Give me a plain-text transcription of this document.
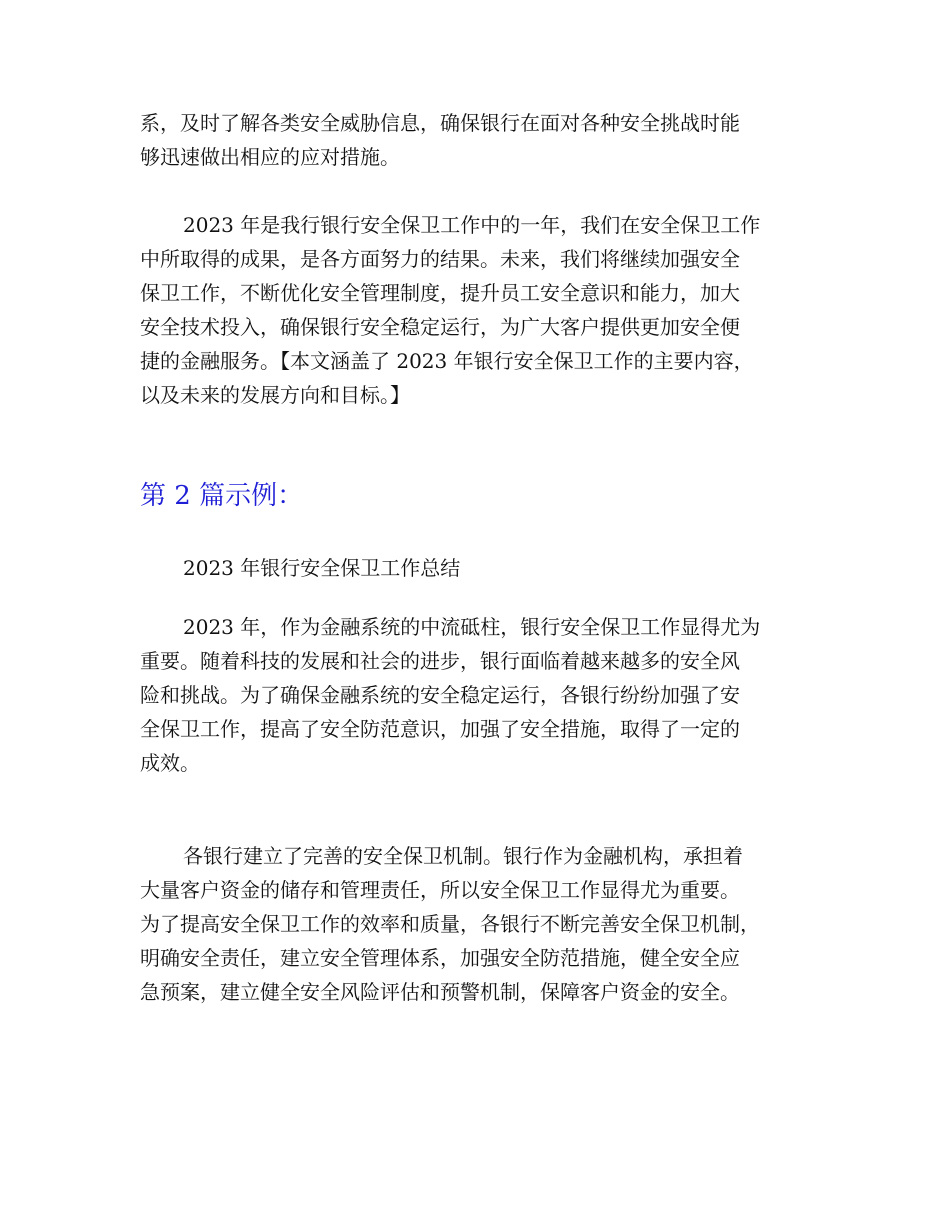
系，及时了解各类安全威胁信息，确保银行在面对各种安全挑战时能
够迅速做出相应的应对措施。
2023 年是我行银行安全保卫工作中的一年，我们在安全保卫工作
中所取得的成果，是各方面努力的结果。未来，我们将继续加强安全
保卫工作，不断优化安全管理制度，提升员工安全意识和能力，加大
安全技术投入，确保银行安全稳定运行，为广大客户提供更加安全便
捷的金融服务。【本文涵盖了 2023 年银行安全保卫工作的主要内容，
以及未来的发展方向和目标。】
第 2 篇示例：
2023 年银行安全保卫工作总结
2023 年，作为金融系统的中流砥柱，银行安全保卫工作显得尤为
重要。随着科技的发展和社会的进步，银行面临着越来越多的安全风
险和挑战。为了确保金融系统的安全稳定运行，各银行纷纷加强了安
全保卫工作，提高了安全防范意识，加强了安全措施，取得了一定的
成效。
各银行建立了完善的安全保卫机制。银行作为金融机构，承担着
大量客户资金的储存和管理责任，所以安全保卫工作显得尤为重要。
为了提高安全保卫工作的效率和质量，各银行不断完善安全保卫机制，
明确安全责任，建立安全管理体系，加强安全防范措施，健全安全应
急预案，建立健全安全风险评估和预警机制，保障客户资金的安全。
